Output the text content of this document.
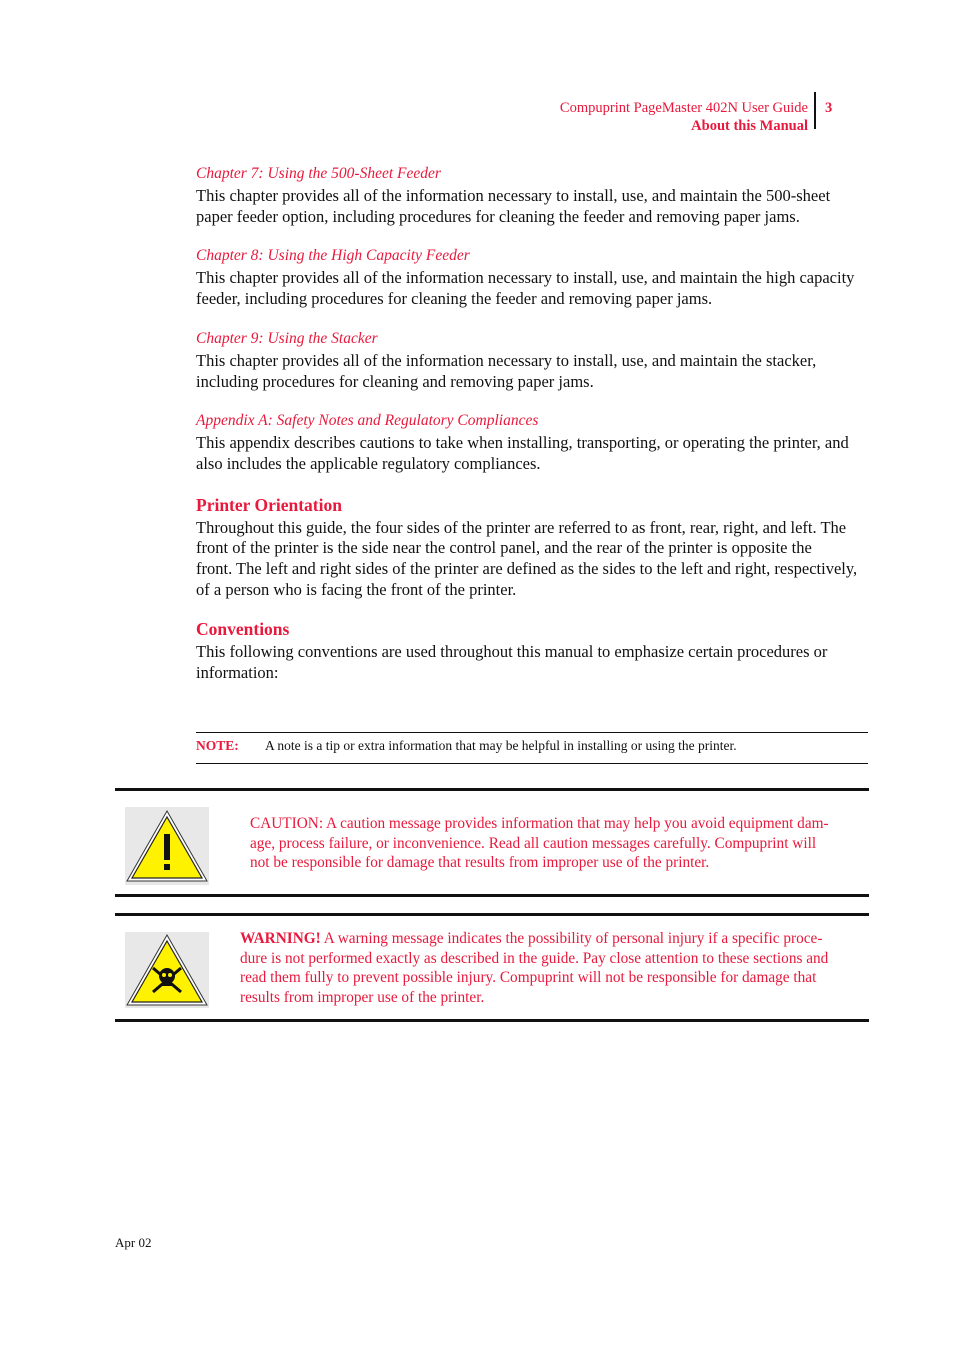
Compuprint PageMaster 402N User Guide
About this Manual
3

Chapter 7: Using the 500-Sheet Feeder

This chapter provides all of the information necessary to install, use, and maintain the 500-sheet
paper feeder option, including procedures for cleaning the feeder and removing paper jams.

Chapter 8: Using the High Capacity Feeder

This chapter provides all of the information necessary to install, use, and maintain the high capacity
feeder, including procedures for cleaning the feeder and removing paper jams.

Chapter 9: Using the Stacker

This chapter provides all of the information necessary to install, use, and maintain the stacker,
including procedures for cleaning and removing paper jams.

Appendix A: Safety Notes and Regulatory Compliances

This appendix describes cautions to take when installing, transporting, or operating the printer, and
also includes the applicable regulatory compliances.

Printer Orientation

Throughout this guide, the four sides of the printer are referred to as front, rear, right, and left. The
front of the printer is the side near the control panel, and the rear of the printer is opposite the
front. The left and right sides of the printer are defined as the sides to the left and right, respectively,
of a person who is facing the front of the printer.

Conventions

This following conventions are used throughout this manual to emphasize certain procedures or
information:

NOTE: A note is a tip or extra information that may be helpful in installing or using the printer.
CAUTION: A caution message provides information that may help you avoid equipment dam-
age, process failure, or inconvenience. Read all caution messages carefully. Compuprint will
not be responsible for damage that results from improper use of the printer.
WARNING! A warning message indicates the possibility of personal injury if a specific proce-
dure is not performed exactly as described in the guide. Pay close attention to these sections and
read them fully to prevent possible injury. Compuprint will not be responsible for damage that
results from improper use of the printer.
Apr 02
